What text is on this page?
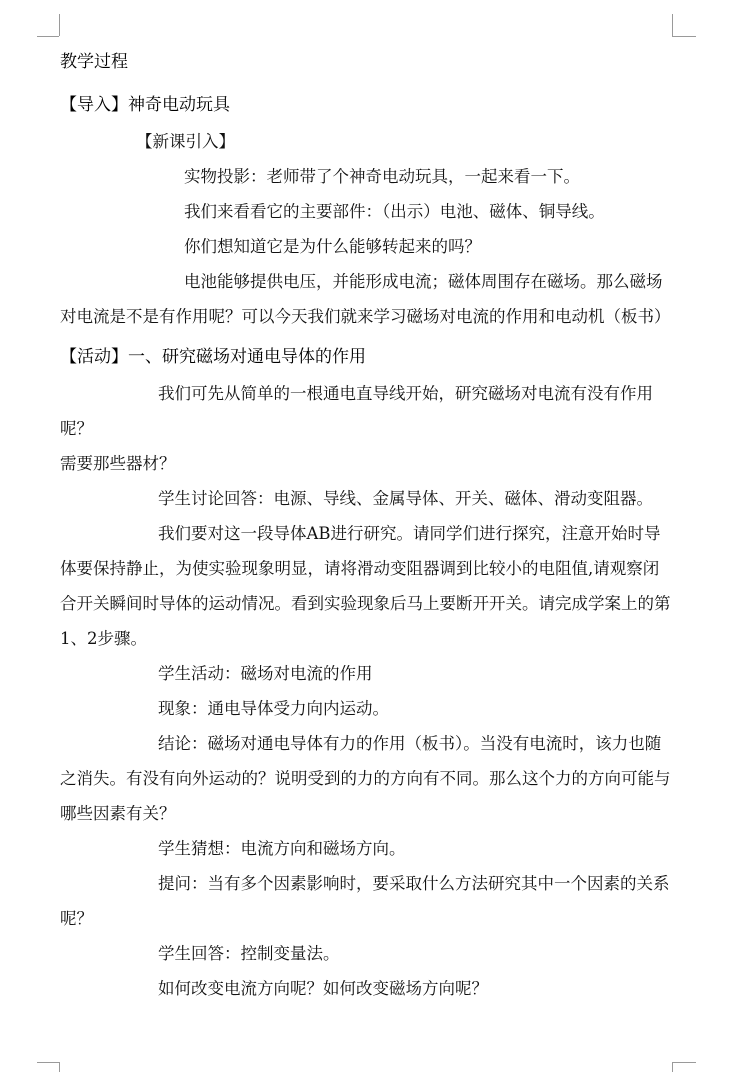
教学过程

【导入】神奇电动玩具

【新课引入】

实物投影：老师带了个神奇电动玩具，一起来看一下。

我们来看看它的主要部件：（出示）电池、磁体、铜导线。

你们想知道它是为什么能够转起来的吗？

电池能够提供电压，并能形成电流；磁体周围存在磁场。那么磁场对电流是不是有作用呢？可以今天我们就来学习磁场对电流的作用和电动机（板书）

【活动】一、研究磁场对通电导体的作用

我们可先从简单的一根通电直导线开始，研究磁场对电流有没有作用呢？

需要那些器材？

学生讨论回答：电源、导线、金属导体、开关、磁体、滑动变阻器。

我们要对这一段导体AB进行研究。请同学们进行探究，注意开始时导体要保持静止，为使实验现象明显，请将滑动变阻器调到比较小的电阻值,请观察闭合开关瞬间时导体的运动情况。看到实验现象后马上要断开开关。请完成学案上的第1、2步骤。

学生活动：磁场对电流的作用

现象：通电导体受力向内运动。

结论：磁场对通电导体有力的作用（板书）。当没有电流时，该力也随之消失。有没有向外运动的？说明受到的力的方向有不同。那么这个力的方向可能与哪些因素有关？

学生猜想：电流方向和磁场方向。

提问：当有多个因素影响时，要采取什么方法研究其中一个因素的关系呢？

学生回答：控制变量法。

如何改变电流方向呢？如何改变磁场方向呢？
